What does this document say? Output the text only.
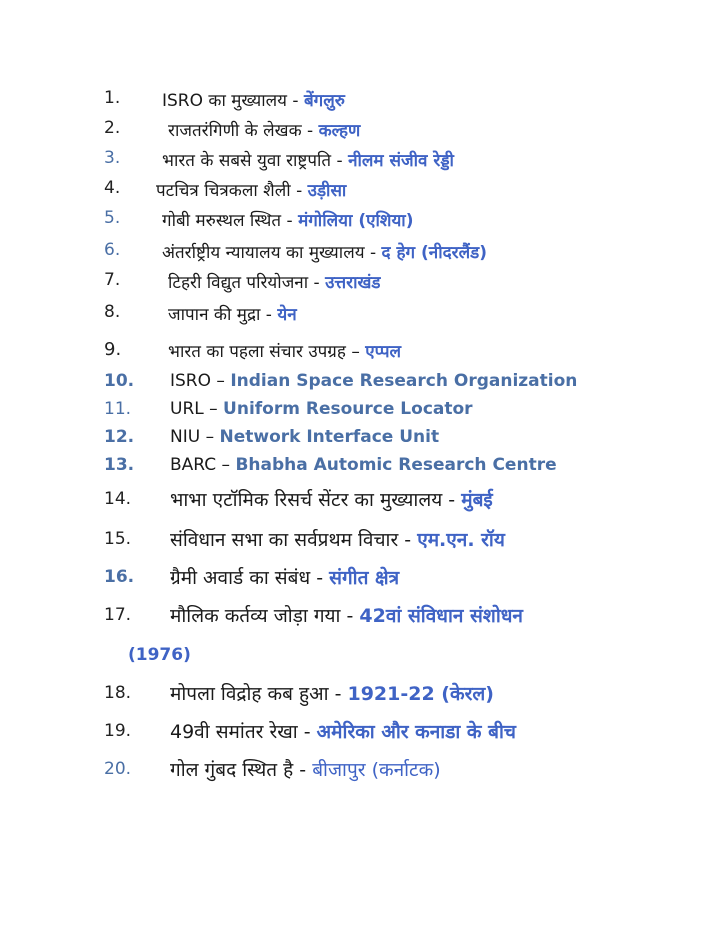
1. ISRO का मुख्यालय - बेंगलुरु
2.	राजतरंगिणी के लेखक - कल्हण
3. भारत के सबसे युवा राष्ट्रपति - नीलम संजीव रेड्डी
4. पटचित्र चित्रकला शैली - उड़ीसा
5. गोबी मरुस्थल स्थित - मंगोलिया (एशिया)
6. अंतर्राष्ट्रीय न्यायालय का मुख्यालय - द हेग (नीदरलैंड)
7.	टिहरी विद्युत परियोजना - उत्तराखंड
8.	जापान की मुद्रा - येन
9.	भारत का पहला संचार उपग्रह – एप्पल
10. ISRO – Indian Space Research Organization
11. URL – Uniform Resource Locator
12. NIU – Network Interface Unit
13. BARC – Bhabha Automic Research Centre
14. भाभा एटॉमिक रिसर्च सेंटर का मुख्यालय - मुंबई
15. संविधान सभा का सर्वप्रथम विचार - एम.एन. रॉय
16. ग्रैमी अवार्ड का संबंध - संगीत क्षेत्र
17. मौलिक कर्तव्य जोड़ा गया - 42वां संविधान संशोधन
(1976)
18. मोपला विद्रोह कब हुआ - 1921-22 (केरल)
19. 49वी समांतर रेखा - अमेरिका और कनाडा के बीच
20. गोल गुंबद स्थित है - बीजापुर (कर्नाटक)
